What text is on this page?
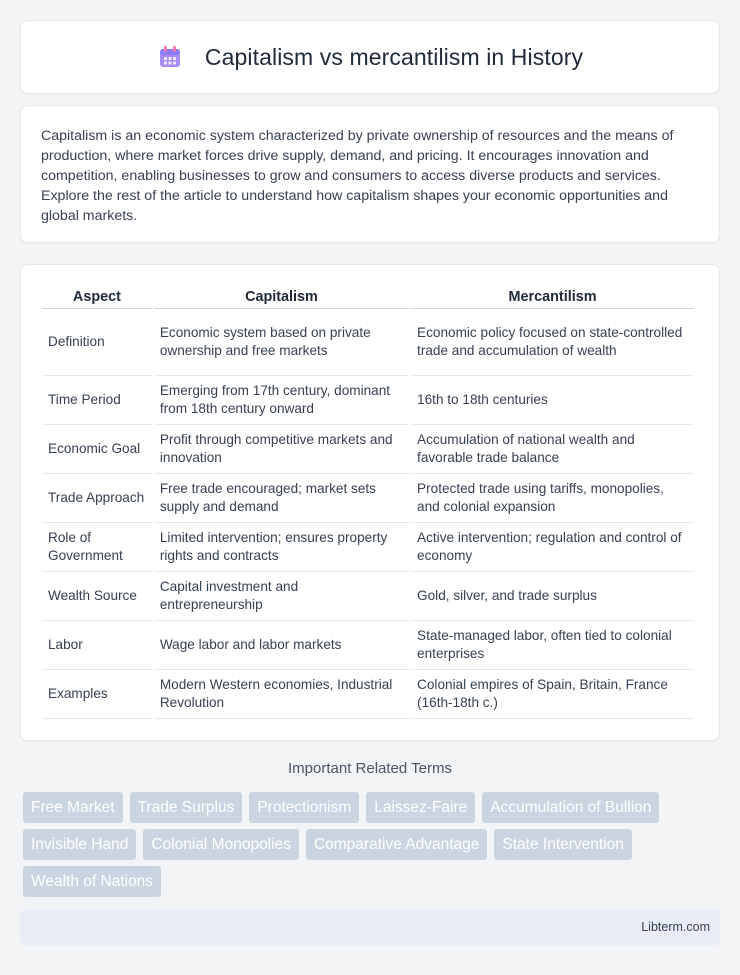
Capitalism vs mercantilism in History

Capitalism is an economic system characterized by private ownership of resources and the means of production, where market forces drive supply, demand, and pricing. It encourages innovation and competition, enabling businesses to grow and consumers to access diverse products and services. Explore the rest of the article to understand how capitalism shapes your economic opportunities and global markets.

Aspect	Capitalism	Mercantilism
Definition	Economic system based on private ownership and free markets	Economic policy focused on state-controlled trade and accumulation of wealth
Time Period	Emerging from 17th century, dominant from 18th century onward	16th to 18th centuries
Economic Goal	Profit through competitive markets and innovation	Accumulation of national wealth and favorable trade balance
Trade Approach	Free trade encouraged; market sets supply and demand	Protected trade using tariffs, monopolies, and colonial expansion
Role of Government	Limited intervention; ensures property rights and contracts	Active intervention; regulation and control of economy
Wealth Source	Capital investment and entrepreneurship	Gold, silver, and trade surplus
Labor	Wage labor and labor markets	State-managed labor, often tied to colonial enterprises
Examples	Modern Western economies, Industrial Revolution	Colonial empires of Spain, Britain, France (16th-18th c.)
Important Related Terms
Free Market	Trade Surplus	Protectionism	Laissez-Faire	Accumulation of Bullion
Invisible Hand	Colonial Monopolies	Comparative Advantage	State Intervention
Wealth of Nations
Libterm.com
